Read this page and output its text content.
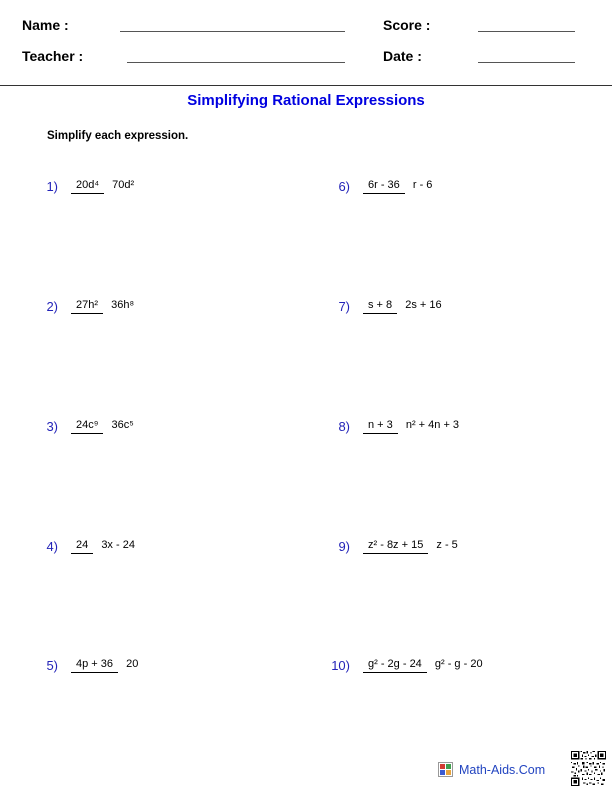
Name :	Score :
Teacher :	Date :
Simplifying Rational Expressions
Simplify each expression.
1)	20d⁴ 70d²
2)	27h² 36h⁸
3)	24c⁹ 36c⁵
4)	24 3x - 24
5)	4p + 36 20
6)	6r - 36 r - 6
7)	s + 8 2s + 16
8)	n + 3 n² + 4n + 3
9)	z² - 8z + 15 z - 5
10)	g² - 2g - 24 g² - g - 20
Math-Aids.Com
